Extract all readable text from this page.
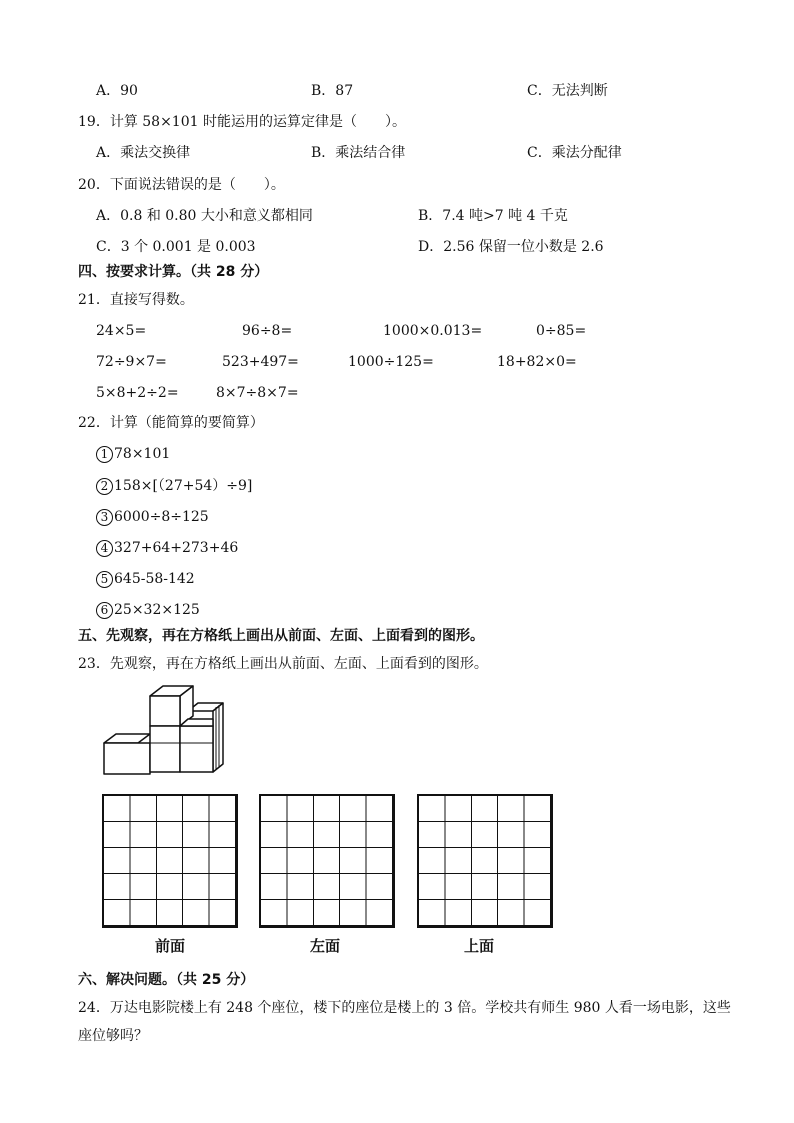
A．90	B．87	C．无法判断
19．计算 58×101 时能运用的运算定律是（　　）。
A．乘法交换律	B．乘法结合律	C．乘法分配律
20．下面说法错误的是（　　）。
A．0.8 和 0.80 大小和意义都相同	B．7.4 吨>7 吨 4 千克
C．3 个 0.001 是 0.003	D．2.56 保留一位小数是 2.6
四、按要求计算。（共 28 分）
21．直接写得数。
24×5=	96÷8=	1000×0.013=	0÷85=
72÷9×7=	523+497=	1000÷125=	18+82×0=
5×8+2÷2=	8×7÷8×7=
22．计算（能简算的要简算）
1 78×101
2 158×[（27+54）÷9]
3 6000÷8÷125
4 327+64+273+46
5 645-58-142
6 25×32×125
五、先观察，再在方格纸上画出从前面、左面、上面看到的图形。
23．先观察，再在方格纸上画出从前面、左面、上面看到的图形。
前面	左面	上面
六、解决问题。（共 25 分）
24．万达电影院楼上有 248 个座位，楼下的座位是楼上的 3 倍。学校共有师生 980 人看一场电影，这些
座位够吗？
